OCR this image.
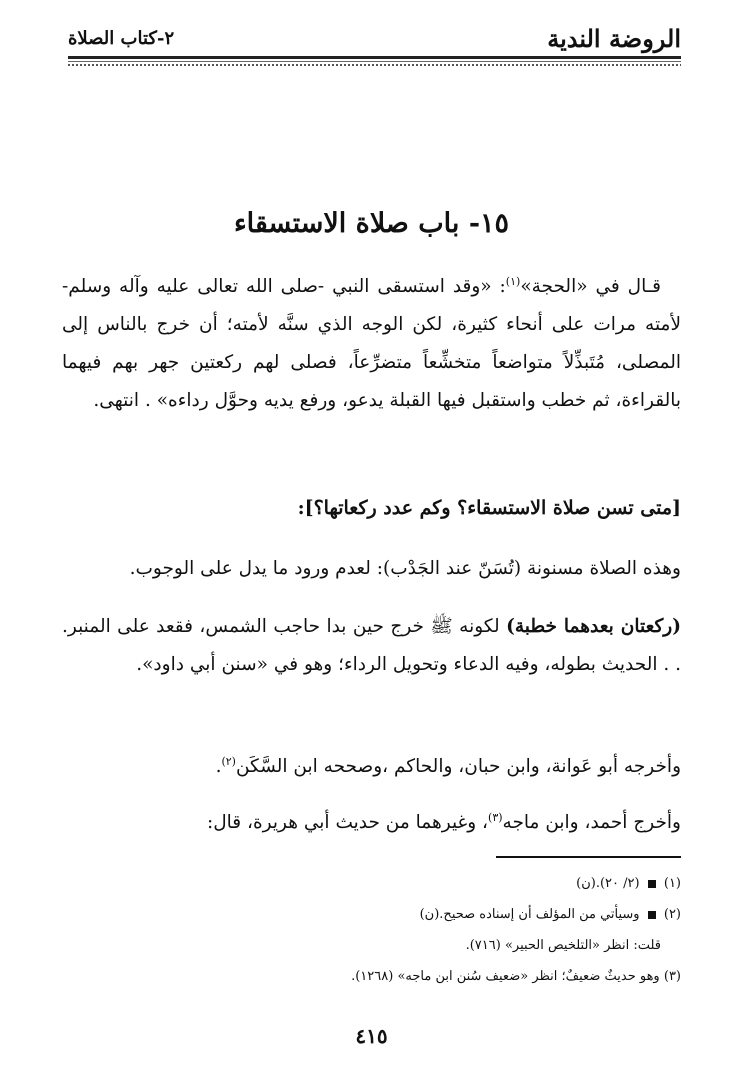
الروضة الندية
٢-كتاب الصلاة
١٥- باب صلاة الاستسقاء
قـال في «الحجة»$^{(١)}$: «وقد استسقى النبي -صلى الله تعالى عليه وآله وسلم- لأمته مرات على أنحاء كثيرة، لكن الوجه الذي سنَّه لأمته؛ أن خرج بالناس إلى المصلى، مُتَبذِّلاً متواضعاً متخشِّعاً متضرِّعاً، فصلى لهم ركعتين جهر بهم فيهما بالقراءة، ثم خطب واستقبل فيها القبلة يدعو، ورفع يديه وحوَّل رداءه» . انتهى.
[متى تسن صلاة الاستسقاء؟ وكم عدد ركعاتها؟]:
وهذه الصلاة مسنونة (تُسَنّ عند الجَدْب): لعدم ورود ما يدل على الوجوب.
(ركعتان بعدهما خطبة) لكونه ﷺ خرج حين بدا حاجب الشمس، فقعد على المنبر. . . الحديث بطوله، وفيه الدعاء وتحويل الرداء؛ وهو في «سنن أبي داود».
وأخرجه أبو عَوانة، وابن حبان، والحاكم ،وصححه ابن السَّكَن$^{(٢)}$.
وأخرج أحمد، وابن ماجه$^{(٣)}$، وغيرهما من حديث أبي هريرة، قال:
(١)  (٢/ ٢٠).(ن)
(٢)  وسيأتي من المؤلف أن إسناده صحيح.(ن)
قلت: انظر «التلخيص الحبير» (٧١٦).
(٣) وهو حديثٌ ضعيفٌ؛ انظر «ضعيف سُنن ابن ماجه» (١٢٦٨).
٤١٥
